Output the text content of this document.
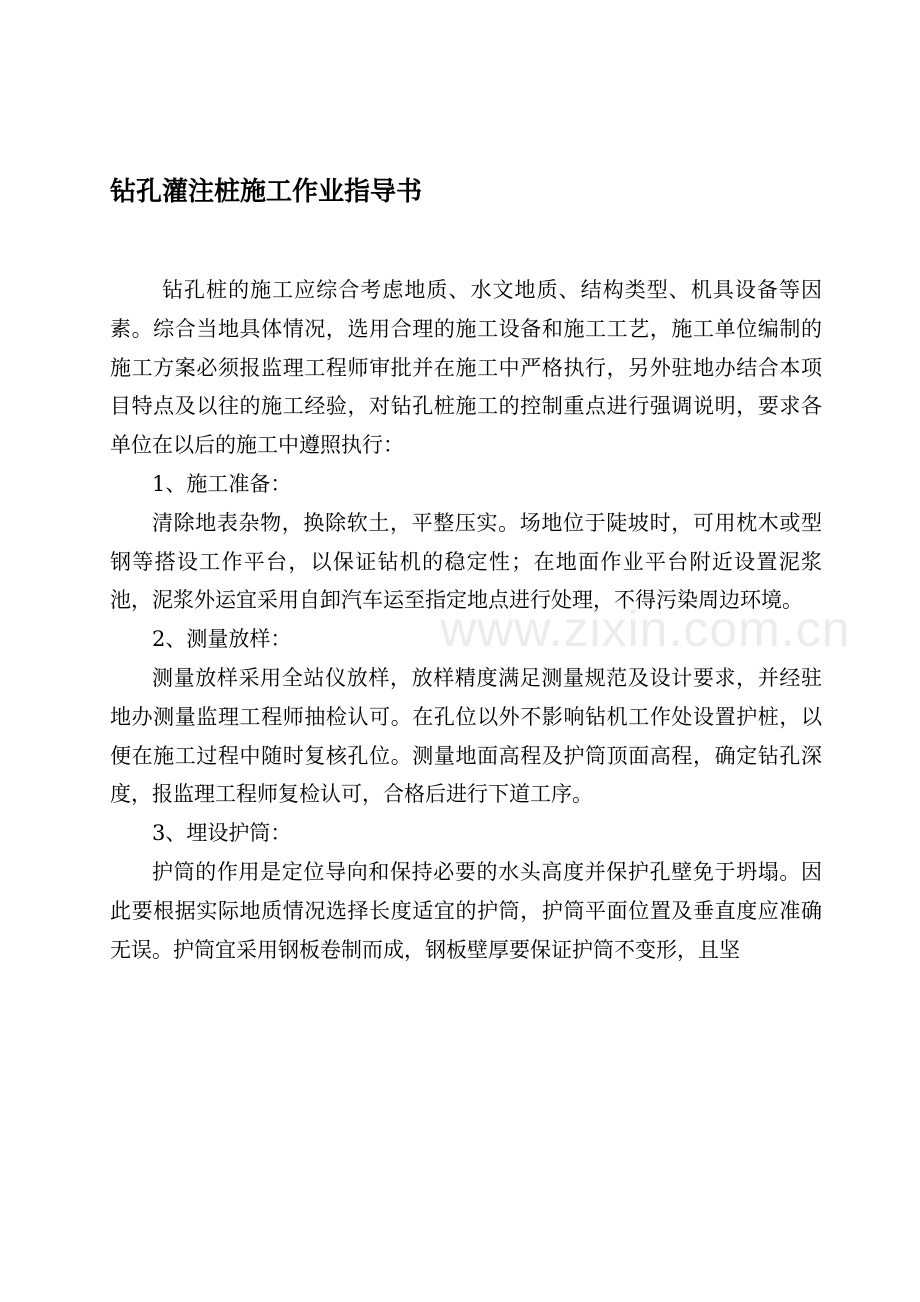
www.zixin.com.cn
钻孔灌注桩施工作业指导书

钻孔桩的施工应综合考虑地质、水文地质、结构类型、机具设备等因素。综合当地具体情况，选用合理的施工设备和施工工艺，施工单位编制的施工方案必须报监理工程师审批并在施工中严格执行，另外驻地办结合本项目特点及以往的施工经验，对钻孔桩施工的控制重点进行强调说明，要求各单位在以后的施工中遵照执行：

1、施工准备：

清除地表杂物，换除软土，平整压实。场地位于陡坡时，可用枕木或型钢等搭设工作平台，以保证钻机的稳定性；在地面作业平台附近设置泥浆池，泥浆外运宜采用自卸汽车运至指定地点进行处理，不得污染周边环境。

2、测量放样：

测量放样采用全站仪放样，放样精度满足测量规范及设计要求，并经驻地办测量监理工程师抽检认可。在孔位以外不影响钻机工作处设置护桩，以便在施工过程中随时复核孔位。测量地面高程及护筒顶面高程，确定钻孔深度，报监理工程师复检认可，合格后进行下道工序。

3、埋设护筒：

护筒的作用是定位导向和保持必要的水头高度并保护孔壁免于坍塌。因此要根据实际地质情况选择长度适宜的护筒，护筒平面位置及垂直度应准确无误。护筒宜采用钢板卷制而成，钢板壁厚要保证护筒不变形，且坚
